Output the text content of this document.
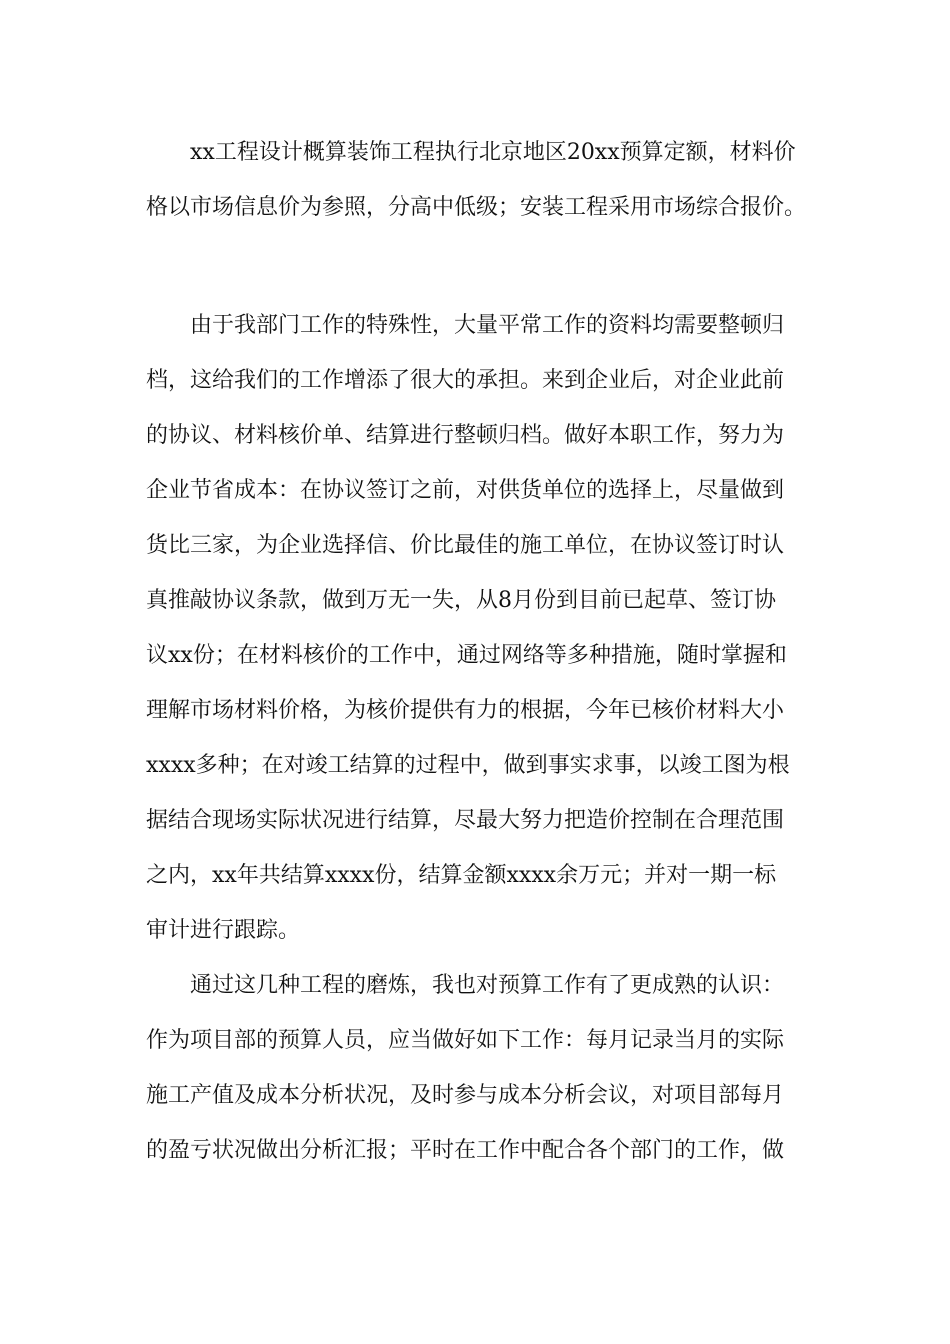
xx工程设计概算装饰工程执行北京地区20xx预算定额，材料价
格以市场信息价为参照，分高中低级；安装工程采用市场综合报价。
由于我部门工作的特殊性，大量平常工作的资料均需要整顿归
档，这给我们的工作增添了很大的承担。来到企业后，对企业此前
的协议、材料核价单、结算进行整顿归档。做好本职工作，努力为
企业节省成本：在协议签订之前，对供货单位的选择上，尽量做到
货比三家，为企业选择信、价比最佳的施工单位，在协议签订时认
真推敲协议条款，做到万无一失，从8月份到目前已起草、签订协
议xx份；在材料核价的工作中，通过网络等多种措施，随时掌握和
理解市场材料价格，为核价提供有力的根据，今年已核价材料大小
xxxx多种；在对竣工结算的过程中，做到事实求事，以竣工图为根
据结合现场实际状况进行结算，尽最大努力把造价控制在合理范围
之内，xx年共结算xxxx份，结算金额xxxx余万元；并对一期一标
审计进行跟踪。
通过这几种工程的磨炼，我也对预算工作有了更成熟的认识：
作为项目部的预算人员，应当做好如下工作：每月记录当月的实际
施工产值及成本分析状况，及时参与成本分析会议，对项目部每月
的盈亏状况做出分析汇报；平时在工作中配合各个部门的工作，做
